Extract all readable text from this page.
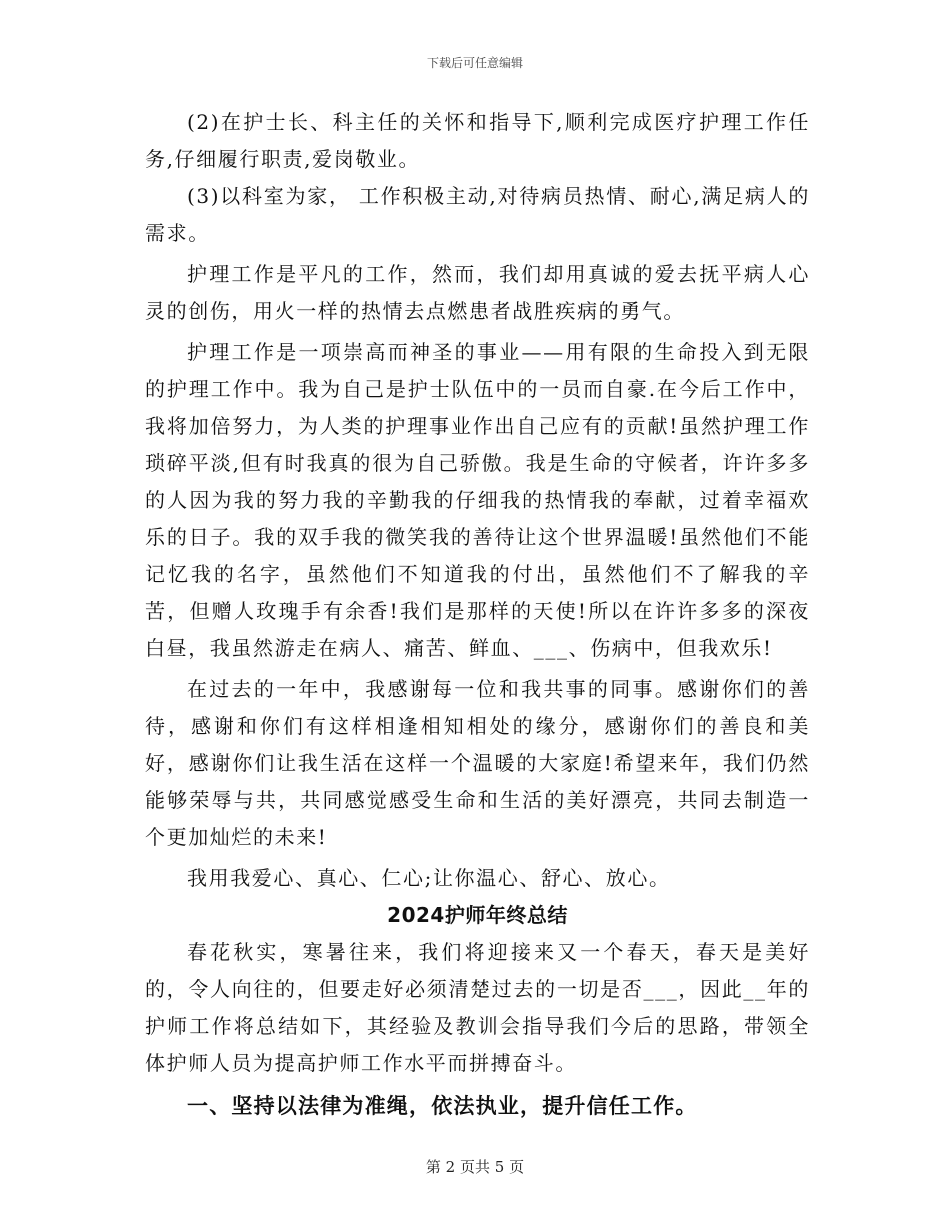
下载后可任意编辑

(2)在护士长、科主任的关怀和指导下,顺利完成医疗护理工作任务,仔细履行职责,爱岗敬业。

(3)以科室为家， 工作积极主动,对待病员热情、耐心,满足病人的需求。

护理工作是平凡的工作，然而，我们却用真诚的爱去抚平病人心灵的创伤，用火一样的热情去点燃患者战胜疾病的勇气。

护理工作是一项崇高而神圣的事业——用有限的生命投入到无限的护理工作中。我为自己是护士队伍中的一员而自豪.在今后工作中，我将加倍努力，为人类的护理事业作出自己应有的贡献!虽然护理工作琐碎平淡,但有时我真的很为自己骄傲。我是生命的守候者，许许多多的人因为我的努力我的辛勤我的仔细我的热情我的奉献，过着幸福欢乐的日子。我的双手我的微笑我的善待让这个世界温暖!虽然他们不能记忆我的名字，虽然他们不知道我的付出，虽然他们不了解我的辛苦，但赠人玫瑰手有余香!我们是那样的天使!所以在许许多多的深夜白昼，我虽然游走在病人、痛苦、鲜血、___、伤病中，但我欢乐!

在过去的一年中，我感谢每一位和我共事的同事。感谢你们的善待，感谢和你们有这样相逢相知相处的缘分，感谢你们的善良和美好，感谢你们让我生活在这样一个温暖的大家庭!希望来年，我们仍然能够荣辱与共，共同感觉感受生命和生活的美好漂亮，共同去制造一个更加灿烂的未来!

我用我爱心、真心、仁心;让你温心、舒心、放心。

2024护师年终总结

春花秋实，寒暑往来，我们将迎接来又一个春天，春天是美好的，令人向往的，但要走好必须清楚过去的一切是否___，因此__年的护师工作将总结如下，其经验及教训会指导我们今后的思路，带领全体护师人员为提高护师工作水平而拼搏奋斗。

一、坚持以法律为准绳，依法执业，提升信任工作。
第 2 页共 5 页
